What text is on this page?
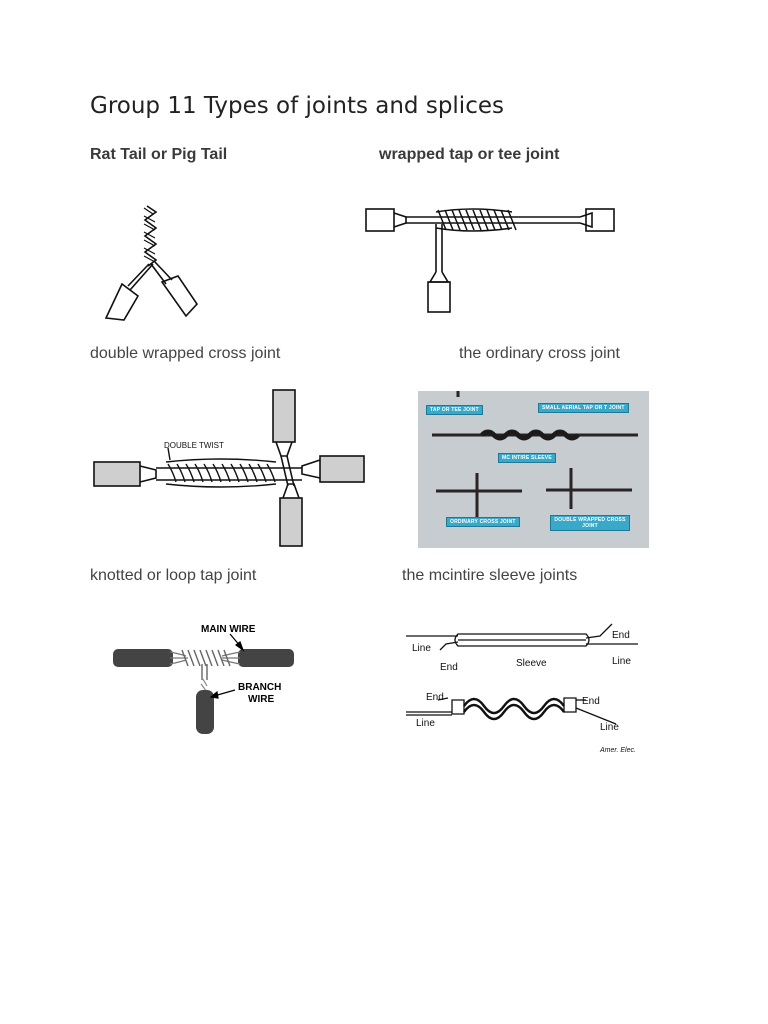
Group 11 Types of joints and splices
Rat Tail or Pig Tail	wrapped tap or tee joint
double wrapped cross joint	the ordinary cross joint
knotted or loop tap joint	the mcintire sleeve joints
DOUBLE TWIST
TAP OR TEE JOINT	SMALL AERIAL TAP OR T JOINT
MC INTIRE SLEEVE
ORDINARY CROSS JOINT	DOUBLE WRAPPED CROSS JOINT
MAIN WIRE
BRANCH
WIRE
Line
End	Sleeve
End
Line
End
Line
End
Line
Amer. Elec.
